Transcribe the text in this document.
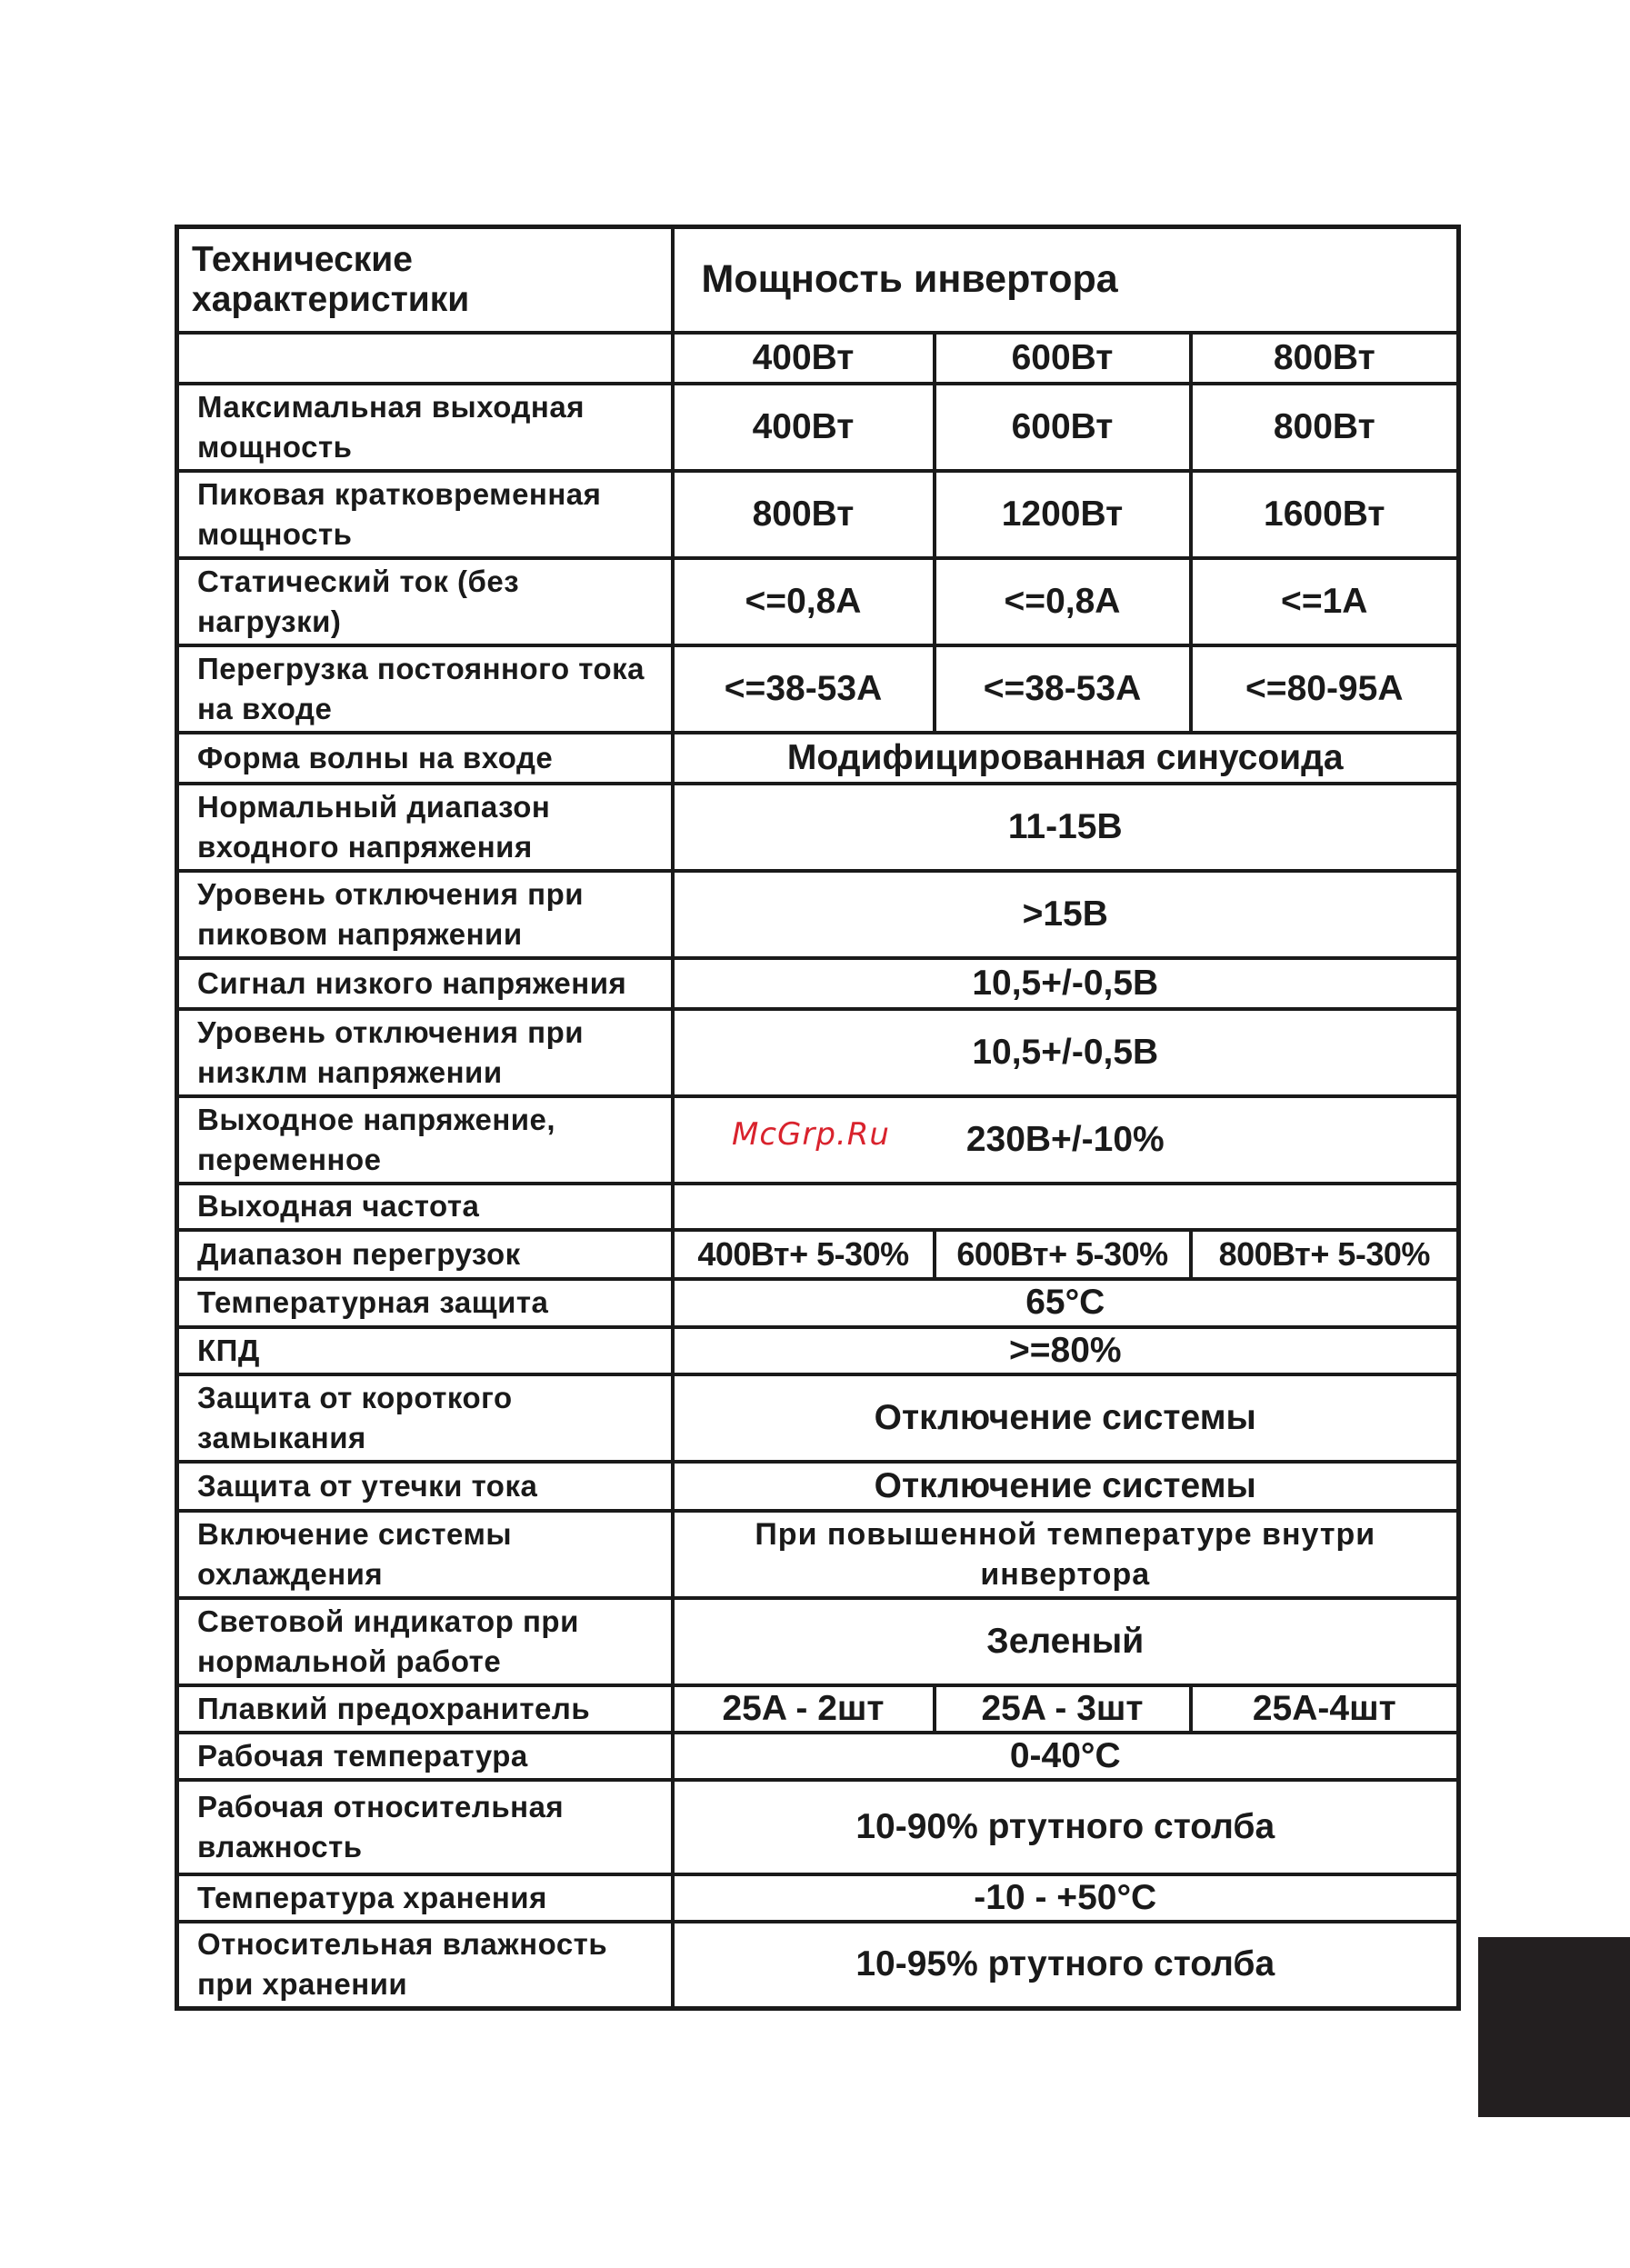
Технические характеристики	Мощность инвертора		
	400Вт	600Вт	800Вт
Максимальная выходная мощность	400Вт	600Вт	800Вт
Пиковая кратковременная мощность	800Вт	1200Вт	1600Вт
Статический ток (без нагрузки)	<=0,8A	<=0,8A	<=1A
Перегрузка постоянного тока на входе	<=38-53A	<=38-53A	<=80-95A
Форма волны на входе	Модифицированная синусоида		
Нормальный диапазон входного напряжения	11-15В		
Уровень отключения при пиковом напряжении	>15В		
Сигнал низкого напряжения	10,5+/-0,5В		
Уровень отключения при низклм напряжении	10,5+/-0,5В		
Выходное напряжение, переменное	230В+/-10%		
Выходная частота			
Диапазон перегрузок	400Вт+ 5-30%	600Вт+ 5-30%	800Вт+ 5-30%
Температурная защита	65°C		
КПД	>=80%		
Защита от короткого замыкания	Отключение системы		
Защита от утечки тока	Отключение системы		
Включение системы охлаждения	При повышенной температуре внутри инвертора		
Световой индикатор при нормальной работе	Зеленый		
Плавкий предохранитель	25A - 2шт	25A - 3шт	25A-4шт
Рабочая температура	0-40°C		
Рабочая относительная влажность	10-90% ртутного столба		
Температура хранения	-10 - +50°C		
Относительная влажность при хранении	10-95% ртутного столба		
McGrp.Ru
